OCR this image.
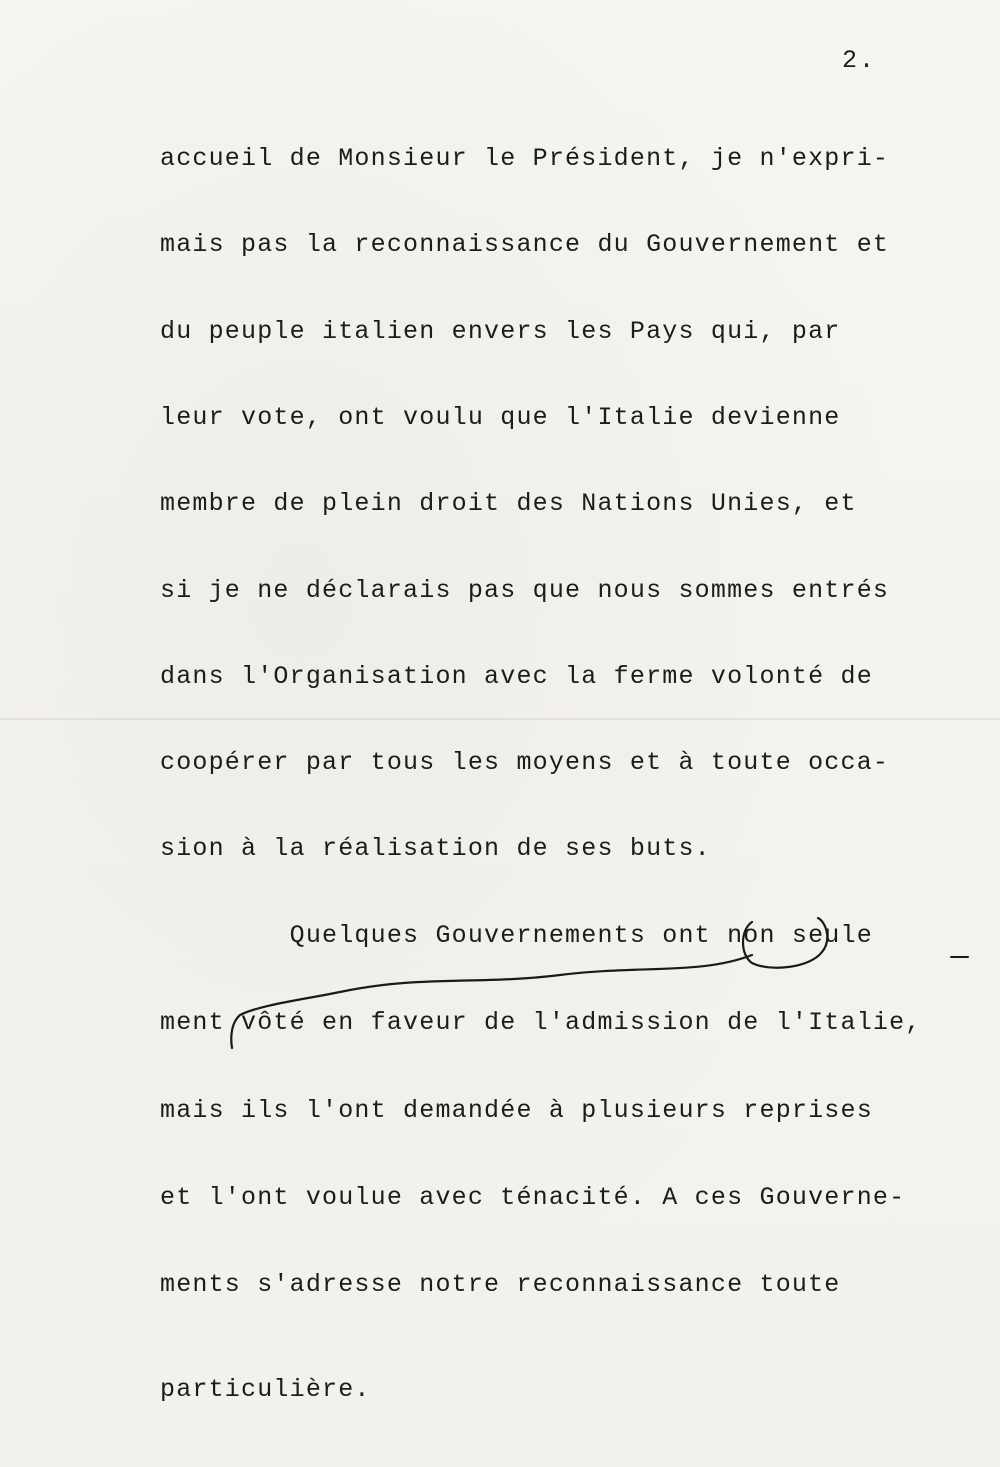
2.
accueil de Monsieur le Président, je n'expri-
mais pas la reconnaissance du Gouvernement et
du peuple italien envers les Pays qui, par
leur vote, ont voulu que l'Italie devienne
membre de plein droit des Nations Unies, et
si je ne déclarais pas que nous sommes entrés
dans l'Organisation avec la ferme volonté de
coopérer par tous les moyens et à toute occa-
sion à la réalisation de ses buts.
Quelques Gouvernements ont non seule
ment vôté en faveur de l'admission de l'Italie,
mais ils l'ont demandée à plusieurs reprises
et l'ont voulue avec ténacité. A ces Gouverne-
ments s'adresse notre reconnaissance toute
particulière.
